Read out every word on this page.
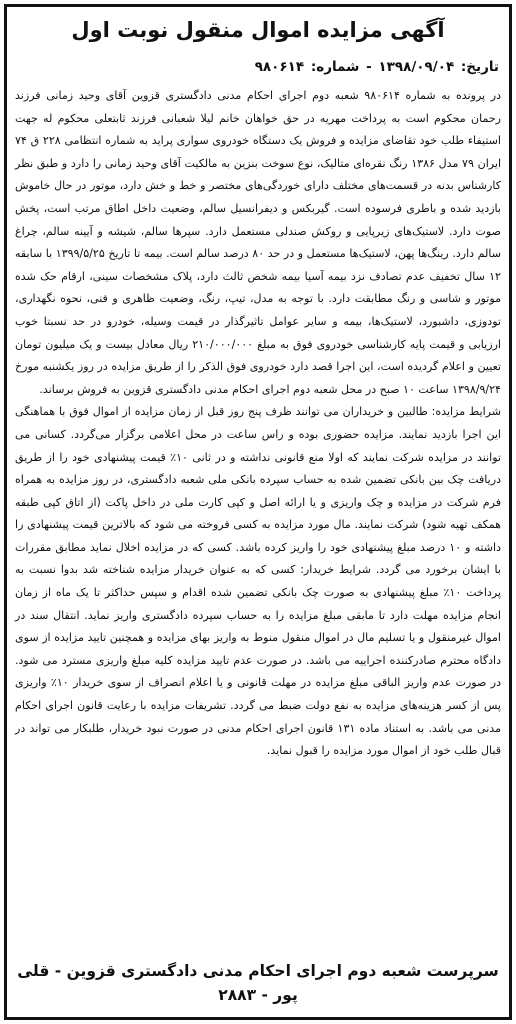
آگهی مزایده اموال منقول نوبت اول
تاریخ: ۱۳۹۸/۰۹/۰۴ - شماره: ۹۸۰۶۱۴

در پرونده به شماره ۹۸۰۶۱۴ شعبه دوم اجرای احکام مدنی دادگستری قزوین آقای وحید زمانی فرزند رحمان محکوم است به پرداخت مهریه در حق خواهان خانم لیلا شعبانی فرزند ثابتعلی محکوم له جهت استیفاء طلب خود تقاضای مزایده و فروش یک دستگاه خودروی سواری پراید به شماره انتظامی ۲۲۸ ق ۷۴ ایران ۷۹ مدل ۱۳۸۶ رنگ نقره‌ای متالیک، نوع سوخت بنزین به مالکیت آقای وحید زمانی را دارد و طبق نظر کارشناس بدنه در قسمت‌های مختلف دارای خوردگی‌های مختصر و خط و خش دارد، موتور در حال خاموش بازدید شده و باطری فرسوده است. گیربکس و دیفرانسیل سالم، وضعیت داخل اطاق مرتب است، پخش صوت دارد. لاستیک‌های زیرپایی و روکش صندلی مستعمل دارد. سپرها سالم، شیشه و آیینه سالم، چراغ سالم دارد. رینگ‌ها پهن، لاستیک‌ها مستعمل و در حد ۸۰ درصد سالم است. بیمه تا تاریخ ۱۳۹۹/۵/۲۵ با سابقه ۱۲ سال تخفیف عدم تصادف نزد بیمه آسیا بیمه شخص ثالث دارد، پلاک مشخصات سینی، ارقام حک شده موتور و شاسی و رنگ مطابقت دارد. با توجه به مدل، تیپ، رنگ، وضعیت ظاهری و فنی، نحوه نگهداری، تودوزی، داشبورد، لاستیک‌ها، بیمه و سایر عوامل تاثیرگذار در قیمت وسیله، خودرو در حد نسبتا خوب ارزیابی و قیمت پایه کارشناسی خودروی فوق به مبلغ ۲۱۰/۰۰۰/۰۰۰ ریال معادل بیست و یک میلیون تومان تعیین و اعلام گردیده است، این اجرا قصد دارد خودروی فوق الذکر را از طریق مزایده در روز یکشنبه مورخ ۱۳۹۸/۹/۲۴ ساعت ۱۰ صبح در محل شعبه دوم اجرای احکام مدنی دادگستری قزوین به فروش برساند.

شرایط مزایده: طالبین و خریداران می توانند ظرف پنج روز قبل از زمان مزایده از اموال فوق با هماهنگی این اجرا بازدید نمایند. مزایده حضوری بوده و راس ساعت در محل اعلامی برگزار می‌گردد. کسانی می توانند در مزایده شرکت نمایند که اولا منع قانونی نداشته و در ثانی ۱۰٪ قیمت پیشنهادی خود را از طریق دریافت چک بین بانکی تضمین شده به حساب سپرده بانکی ملی شعبه دادگستری، در روز مزایده به همراه فرم شرکت در مزایده و چک واریزی و یا ارائه اصل و کپی کارت ملی در داخل پاکت (از اتاق کپی طبقه همکف تهیه شود) شرکت نمایند. مال مورد مزایده به کسی فروخته می شود که بالاترین قیمت پیشنهادی را داشته و ۱۰ درصد مبلغ پیشنهادی خود را واریز کرده باشد. کسی که در مزایده اخلال نماید مطابق مقررات با ایشان برخورد می گردد. شرایط خریدار: کسی که به عنوان خریدار مزایده شناخته شد بدوا نسبت به پرداخت ۱۰٪ مبلغ پیشنهادی به صورت چک بانکی تضمین شده اقدام و سپس حداکثر تا یک ماه از زمان انجام مزایده مهلت دارد تا مابقی مبلغ مزایده را به حساب سپرده دادگستری واریز نماید. انتقال سند در اموال غیرمنقول و یا تسلیم مال در اموال منقول منوط به واریز بهای مزایده و همچنین تایید مزایده از سوی دادگاه محترم صادرکننده اجراییه می باشد. در صورت عدم تایید مزایده کلیه مبلغ واریزی مسترد می شود. در صورت عدم واریز الباقی مبلغ مزایده در مهلت قانونی و یا اعلام انصراف از سوی خریدار ۱۰٪ واریزی پس از کسر هزینه‌های مزایده به نفع دولت ضبط می گردد. تشریفات مزایده با رعایت قانون اجرای احکام مدنی می باشد. به استناد ماده ۱۳۱ قانون اجرای احکام مدنی در صورت نبود خریدار، طلبکار می تواند در قبال طلب خود از اموال مورد مزایده را قبول نماید.

سرپرست شعبه دوم اجرای احکام مدنی دادگستری قزوین - قلی پور - ۲۸۸۳
